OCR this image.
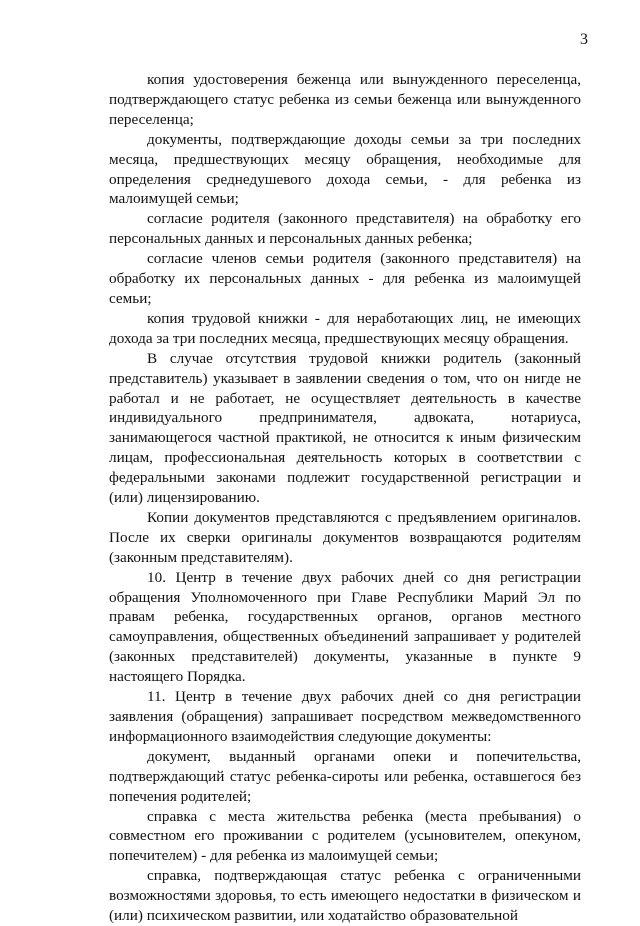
3

копия удостоверения беженца или вынужденного переселенца, подтверждающего статус ребенка из семьи беженца или вынужденного переселенца;

документы, подтверждающие доходы семьи за три последних месяца, предшествующих месяцу обращения, необходимые для определения среднедушевого дохода семьи, - для ребенка из малоимущей семьи;

согласие родителя (законного представителя) на обработку его персональных данных и персональных данных ребенка;

согласие членов семьи родителя (законного представителя) на обработку их персональных данных - для ребенка из малоимущей семьи;

копия трудовой книжки - для неработающих лиц, не имеющих дохода за три последних месяца, предшествующих месяцу обращения.

В случае отсутствия трудовой книжки родитель (законный представитель) указывает в заявлении сведения о том, что он нигде не работал и не работает, не осуществляет деятельность в качестве индивидуального предпринимателя, адвоката, нотариуса, занимающегося частной практикой, не относится к иным физическим лицам, профессиональная деятельность которых в соответствии с федеральными законами подлежит государственной регистрации и (или) лицензированию.

Копии документов представляются с предъявлением оригиналов. После их сверки оригиналы документов возвращаются родителям (законным представителям).

10. Центр в течение двух рабочих дней со дня регистрации обращения Уполномоченного при Главе Республики Марий Эл по правам ребенка, государственных органов, органов местного самоуправления, общественных объединений запрашивает у родителей (законных представителей) документы, указанные в пункте 9 настоящего Порядка.

11. Центр в течение двух рабочих дней со дня регистрации заявления (обращения) запрашивает посредством межведомственного информационного взаимодействия следующие документы:

документ, выданный органами опеки и попечительства, подтверждающий статус ребенка-сироты или ребенка, оставшегося без попечения родителей;

справка с места жительства ребенка (места пребывания) о совместном его проживании с родителем (усыновителем, опекуном, попечителем) - для ребенка из малоимущей семьи;

справка, подтверждающая статус ребенка с ограниченными возможностями здоровья, то есть имеющего недостатки в физическом и (или) психическом развитии, или ходатайство образовательной
